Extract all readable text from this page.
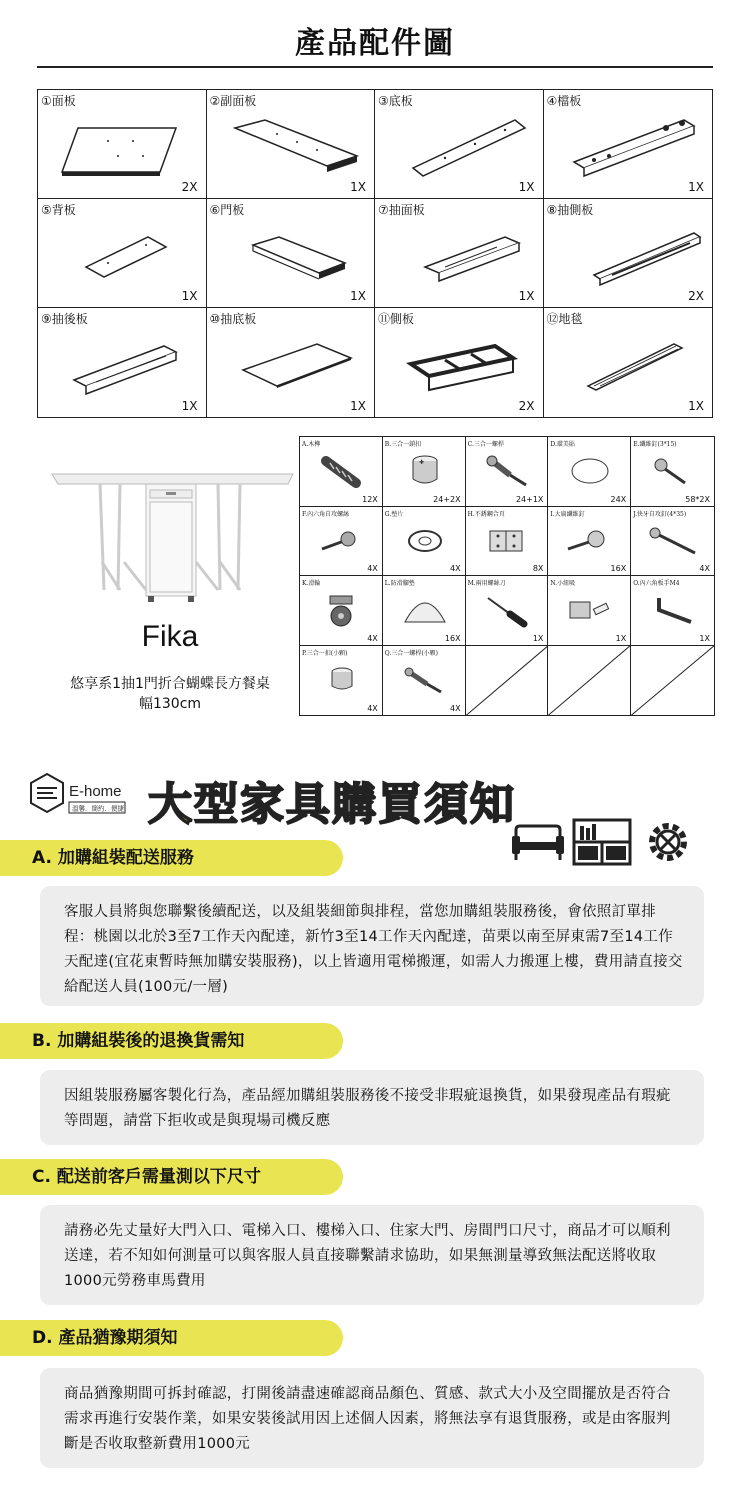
產品配件圖
①面板
2X
②副面板
1X
③底板
1X
④檔板
1X
⑤背板
1X
⑥門板
1X
⑦抽面板
1X
⑧抽側板
2X
⑨抽後板
1X
⑩抽底板
1X
⑪側板
2X
⑫地毯
1X
Fika
悠享系1抽1門折合蝴蝶長方餐桌
幅130cm
A.木榫
12X
B.三合一鎖扣
✚
24+2X
C.三合一螺桿
24+1X
D.環美貼
24X
E.纖維釘(3*15)
58*2X
F.內六角自攻螺絲
4X
G.墊片
4X
H.不銹鋼合頁
8X
I.大扁纖維釘
16X
J.快牙自攻釘(4*35)
4X
K.滑輪
4X
L.防滑腳墊
16X
M.兩用螺絲刀
1X
N.小紐吸
1X
O.內六角板手M4
1X
P.三合一扣(小顆)
4X
Q.三合一螺桿(小顆)
4X
E-home
溫馨．簡約．便捷 大型家具購買須知
A. 加購組裝配送服務
客服人員將與您聯繫後續配送，以及組裝細節與排程，當您加購組裝服務後，會依照訂單排程：桃園以北於3至7工作天內配達，新竹3至14工作天內配達，苗栗以南至屏東需7至14工作天配達(宜花東暫時無加購安裝服務)，以上皆適用電梯搬運，如需人力搬運上樓，費用請直接交給配送人員(100元/一層)
B. 加購組裝後的退換貨需知
因組裝服務屬客製化行為，產品經加購組裝服務後不接受非瑕疵退換貨，如果發現產品有瑕疵等問題，請當下拒收或是與現場司機反應
C. 配送前客戶需量測以下尺寸
請務必先丈量好大門入口、電梯入口、樓梯入口、住家大門、房間門口尺寸，商品才可以順利送達，若不知如何測量可以與客服人員直接聯繫請求協助，如果無測量導致無法配送將收取1000元勞務車馬費用
D. 產品猶豫期須知
商品猶豫期間可拆封確認，打開後請盡速確認商品顏色、質感、款式大小及空間擺放是否符合需求再進行安裝作業，如果安裝後試用因上述個人因素，將無法享有退貨服務，或是由客服判斷是否收取整新費用1000元
